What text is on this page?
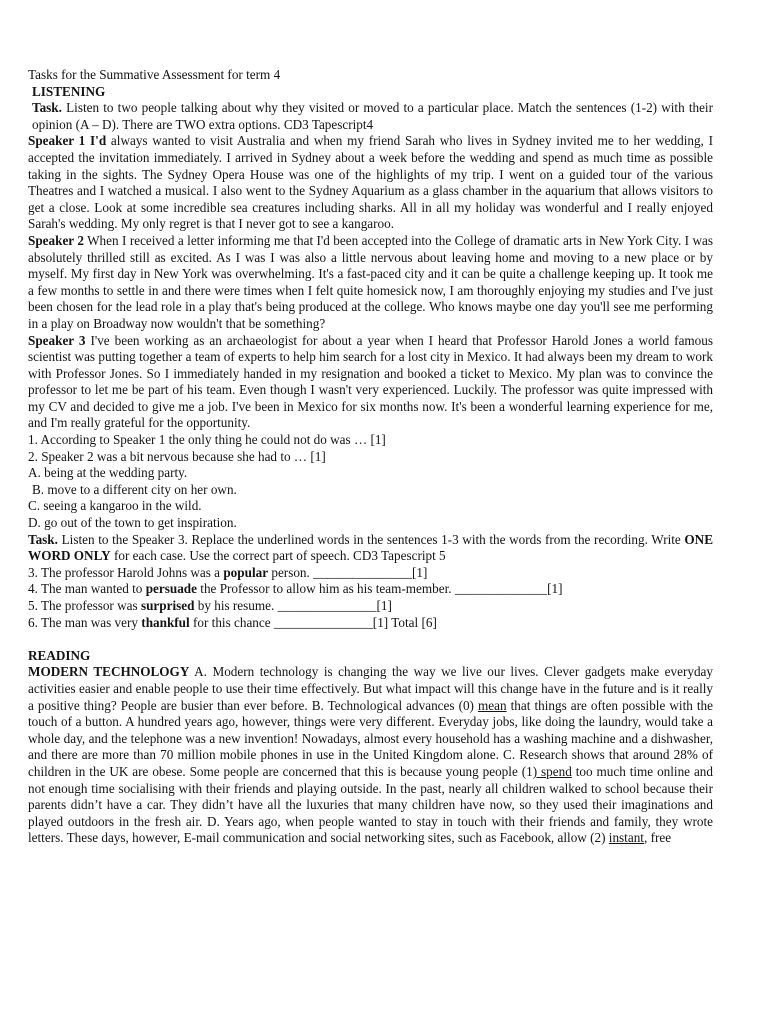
Tasks for the Summative Assessment for term 4

LISTENING

Task. Listen to two people talking about why they visited or moved to a particular place. Match the sentences (1-2) with their opinion (A – D). There are TWO extra options. CD3 Tapescript4

Speaker 1 I'd always wanted to visit Australia and when my friend Sarah who lives in Sydney invited me to her wedding, I accepted the invitation immediately. I arrived in Sydney about a week before the wedding and spend as much time as possible taking in the sights. The Sydney Opera House was one of the highlights of my trip. I went on a guided tour of the various Theatres and I watched a musical. I also went to the Sydney Aquarium as a glass chamber in the aquarium that allows visitors to get a close. Look at some incredible sea creatures including sharks. All in all my holiday was wonderful and I really enjoyed Sarah's wedding. My only regret is that I never got to see a kangaroo.

Speaker 2 When I received a letter informing me that I'd been accepted into the College of dramatic arts in New York City. I was absolutely thrilled still as excited. As I was I was also a little nervous about leaving home and moving to a new place or by myself. My first day in New York was overwhelming. It's a fast-paced city and it can be quite a challenge keeping up. It took me a few months to settle in and there were times when I felt quite homesick now, I am thoroughly enjoying my studies and I've just been chosen for the lead role in a play that's being produced at the college. Who knows maybe one day you'll see me performing in a play on Broadway now wouldn't that be something?

Speaker 3 I've been working as an archaeologist for about a year when I heard that Professor Harold Jones a world famous scientist was putting together a team of experts to help him search for a lost city in Mexico. It had always been my dream to work with Professor Jones. So I immediately handed in my resignation and booked a ticket to Mexico. My plan was to convince the professor to let me be part of his team. Even though I wasn't very experienced. Luckily. The professor was quite impressed with my CV and decided to give me a job. I've been in Mexico for six months now. It's been a wonderful learning experience for me, and I'm really grateful for the opportunity.

1. According to Speaker 1 the only thing he could not do was … [1]

2. Speaker 2 was a bit nervous because she had to … [1]

A. being at the wedding party.

B. move to a different city on her own.

C. seeing a kangaroo in the wild.

D. go out of the town to get inspiration.

Task. Listen to the Speaker 3. Replace the underlined words in the sentences 1-3 with the words from the recording. Write ONE WORD ONLY for each case. Use the correct part of speech. CD3 Tapescript 5

3. The professor Harold Johns was a popular person. _______________[1]

4. The man wanted to persuade the Professor to allow him as his team-member. ______________[1]

5. The professor was surprised by his resume. _______________[1]

6. The man was very thankful for this chance _______________[1] Total [6]

READING

MODERN TECHNOLOGY A. Modern technology is changing the way we live our lives. Clever gadgets make everyday activities easier and enable people to use their time effectively. But what impact will this change have in the future and is it really a positive thing? People are busier than ever before. B. Technological advances (0) mean that things are often possible with the touch of a button. A hundred years ago, however, things were very different. Everyday jobs, like doing the laundry, would take a whole day, and the telephone was a new invention! Nowadays, almost every household has a washing machine and a dishwasher, and there are more than 70 million mobile phones in use in the United Kingdom alone. C. Research shows that around 28% of children in the UK are obese. Some people are concerned that this is because young people (1) spend too much time online and not enough time socialising with their friends and playing outside. In the past, nearly all children walked to school because their parents didn’t have a car. They didn’t have all the luxuries that many children have now, so they used their imaginations and played outdoors in the fresh air. D. Years ago, when people wanted to stay in touch with their friends and family, they wrote letters. These days, however, E-mail communication and social networking sites, such as Facebook, allow (2) instant, free
